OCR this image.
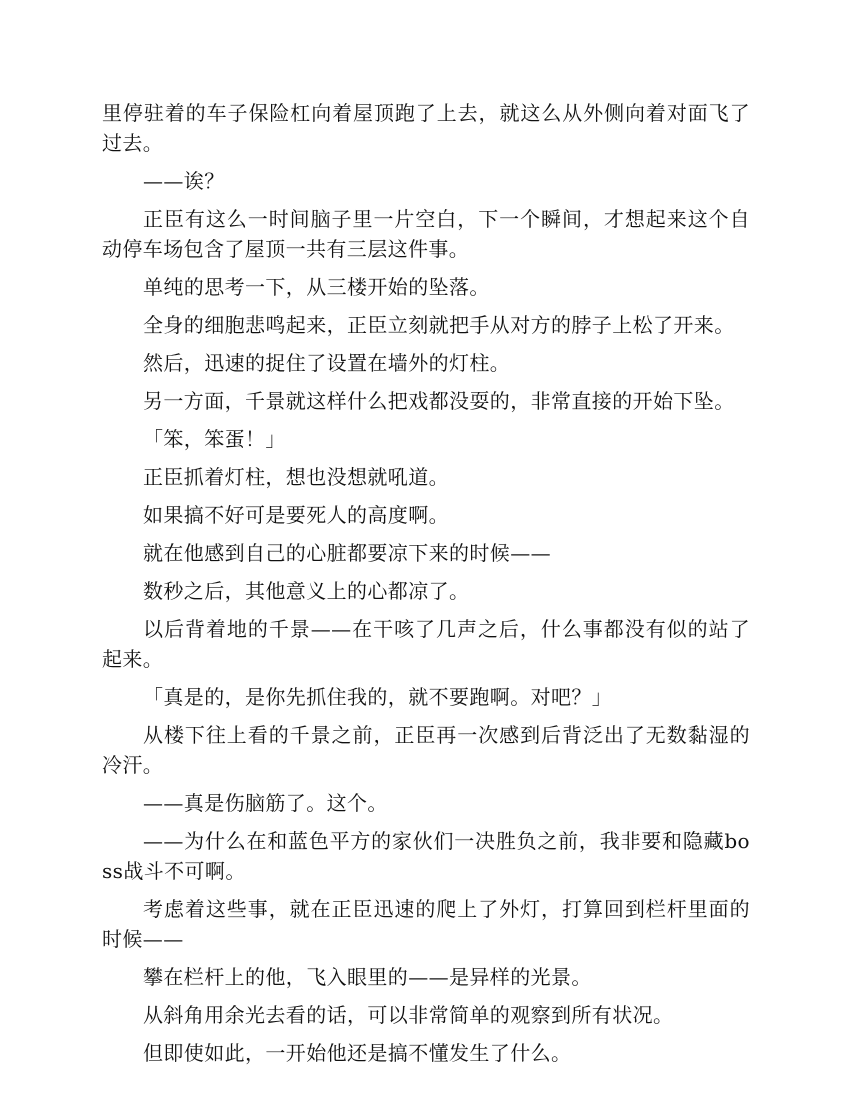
里停驻着的车子保险杠向着屋顶跑了上去，就这么从外侧向着对面飞了过去。

——诶？

正臣有这么一时间脑子里一片空白，下一个瞬间，才想起来这个自动停车场包含了屋顶一共有三层这件事。

单纯的思考一下，从三楼开始的坠落。

全身的细胞悲鸣起来，正臣立刻就把手从对方的脖子上松了开来。

然后，迅速的捉住了设置在墙外的灯柱。

另一方面，千景就这样什么把戏都没耍的，非常直接的开始下坠。

「笨，笨蛋！」

正臣抓着灯柱，想也没想就吼道。

如果搞不好可是要死人的高度啊。

就在他感到自己的心脏都要凉下来的时候——

数秒之后，其他意义上的心都凉了。

以后背着地的千景——在干咳了几声之后，什么事都没有似的站了起来。

「真是的，是你先抓住我的，就不要跑啊。对吧？」

从楼下往上看的千景之前，正臣再一次感到后背泛出了无数黏湿的冷汗。

——真是伤脑筋了。这个。

——为什么在和蓝色平方的家伙们一决胜负之前，我非要和隐藏boss战斗不可啊。

考虑着这些事，就在正臣迅速的爬上了外灯，打算回到栏杆里面的时候——

攀在栏杆上的他，飞入眼里的——是异样的光景。

从斜角用余光去看的话，可以非常简单的观察到所有状况。

但即使如此，一开始他还是搞不懂发生了什么。
